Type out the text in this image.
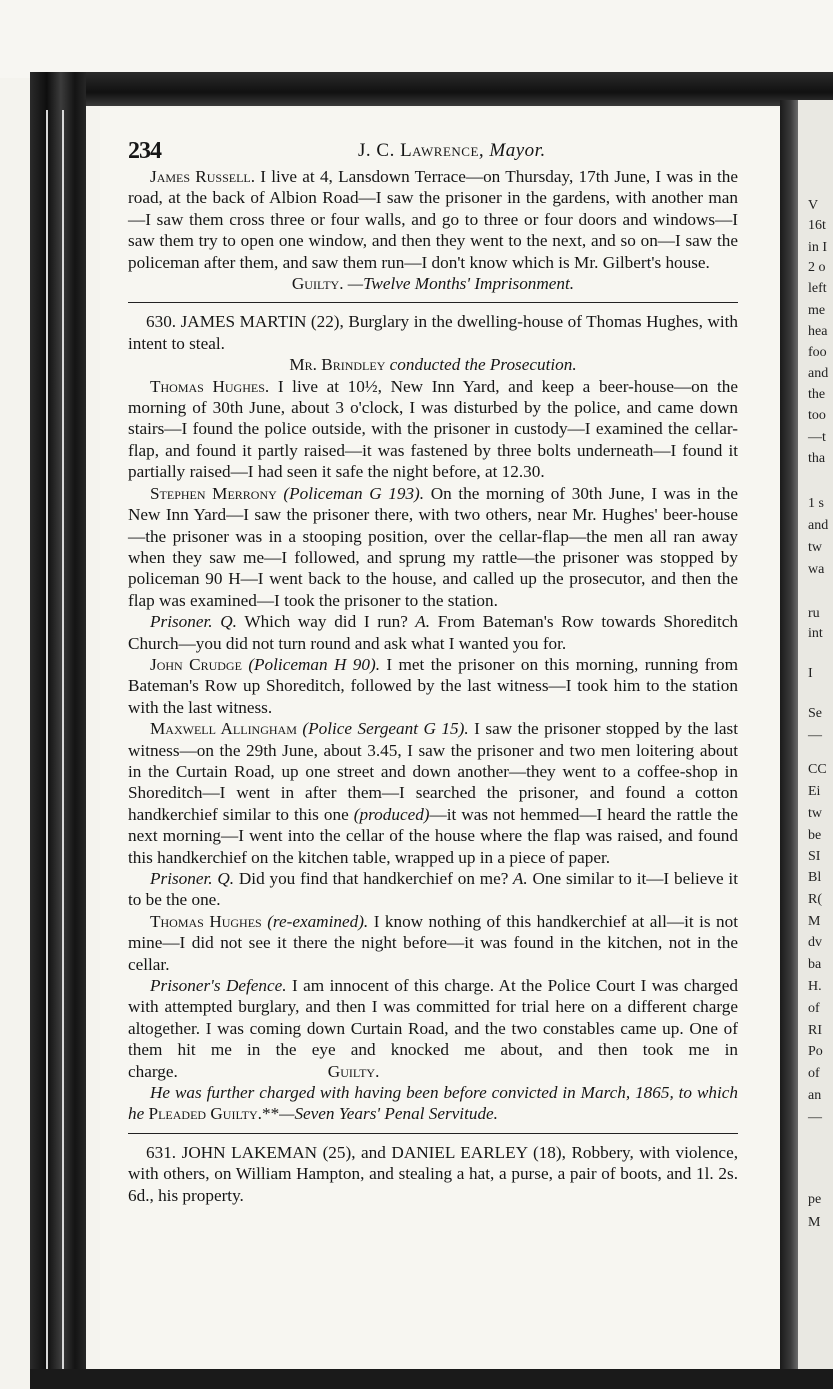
V
16t
in I
2 o
left
me
hea
foo
and
the
too
—t
tha
1 s
and
tw
wa
ru
int
I
Se
—
CC
Ei
tw
be
SI
Bl
R(
M
dv
ba
H.
of
RI
Po
of
an
—
pe
M
234	J. C. Lawrence, Mayor.

James Russell. I live at 4, Lansdown Terrace—on Thursday, 17th June, I was in the road, at the back of Albion Road—I saw the prisoner in the gardens, with another man—I saw them cross three or four walls, and go to three or four doors and windows—I saw them try to open one window, and then they went to the next, and so on—I saw the policeman after them, and saw them run—I don't know which is Mr. Gilbert's house.

Guilty. —Twelve Months' Imprisonment.

630. JAMES MARTIN (22), Burglary in the dwelling-house of Thomas Hughes, with intent to steal.

Mr. Brindley conducted the Prosecution.

Thomas Hughes. I live at 10½, New Inn Yard, and keep a beer-house—on the morning of 30th June, about 3 o'clock, I was disturbed by the police, and came down stairs—I found the police outside, with the prisoner in custody—I examined the cellar-flap, and found it partly raised—it was fastened by three bolts underneath—I found it partially raised—I had seen it safe the night before, at 12.30.

Stephen Merrony (Policeman G 193). On the morning of 30th June, I was in the New Inn Yard—I saw the prisoner there, with two others, near Mr. Hughes' beer-house—the prisoner was in a stooping position, over the cellar-flap—the men all ran away when they saw me—I followed, and sprung my rattle—the prisoner was stopped by policeman 90 H—I went back to the house, and called up the prosecutor, and then the flap was examined—I took the prisoner to the station.

Prisoner. Q. Which way did I run? A. From Bateman's Row towards Shoreditch Church—you did not turn round and ask what I wanted you for.

John Crudge (Policeman H 90). I met the prisoner on this morning, running from Bateman's Row up Shoreditch, followed by the last witness—I took him to the station with the last witness.

Maxwell Allingham (Police Sergeant G 15). I saw the prisoner stopped by the last witness—on the 29th June, about 3.45, I saw the prisoner and two men loitering about in the Curtain Road, up one street and down another—they went to a coffee-shop in Shoreditch—I went in after them—I searched the prisoner, and found a cotton handkerchief similar to this one (produced)—it was not hemmed—I heard the rattle the next morning—I went into the cellar of the house where the flap was raised, and found this handkerchief on the kitchen table, wrapped up in a piece of paper.

Prisoner. Q. Did you find that handkerchief on me? A. One similar to it—I believe it to be the one.

Thomas Hughes (re-examined). I know nothing of this handkerchief at all—it is not mine—I did not see it there the night before—it was found in the kitchen, not in the cellar.

Prisoner's Defence. I am innocent of this charge. At the Police Court I was charged with attempted burglary, and then I was committed for trial here on a different charge altogether. I was coming down Curtain Road, and the two constables came up. One of them hit me in the eye and knocked me about, and then took me in charge.	Guilty.

He was further charged with having been before convicted in March, 1865, to which he Pleaded Guilty.**—Seven Years' Penal Servitude.

631. JOHN LAKEMAN (25), and DANIEL EARLEY (18), Robbery, with violence, with others, on William Hampton, and stealing a hat, a purse, a pair of boots, and 1l. 2s. 6d., his property.
